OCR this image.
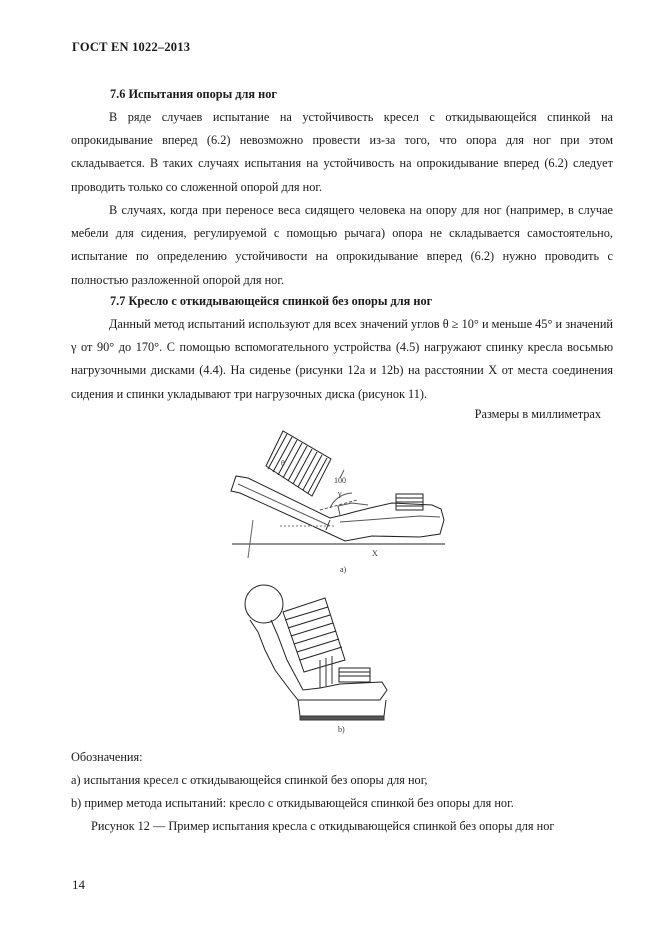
ГОСТ EN 1022–2013
7.6 Испытания опоры для ног

В ряде случаев испытание на устойчивость кресел с откидывающейся спинкой на опрокидывание вперед (6.2) невозможно провести из-за того, что опора для ног при этом складывается. В таких случаях испытания на устойчивость на опрокидывание вперед (6.2) следует проводить только со сложенной опорой для ног.

В случаях, когда при переносе веса сидящего человека на опору для ног (например, в случае мебели для сидения, регулируемой с помощью рычага) опора не складывается самостоятельно, испытание по определению устойчивости на опрокидывание вперед (6.2) нужно проводить с полностью разложенной опорой для ног.

7.7 Кресло с откидывающейся спинкой без опоры для ног

Данный метод испытаний используют для всех значений углов θ ≥ 10° и меньше 45° и значений γ от 90° до 170°. С помощью вспомогательного устройства (4.5) нагружают спинку кресла восьмью нагрузочными дисками (4.4). На сиденье (рисунки 12a и 12b) на расстоянии X от места соединения сидения и спинки укладывают три нагрузочных диска (рисунок 11).

Размеры в миллиметрах
θ
100
γ
X
a)
b)
Обозначения:
a) испытания кресел с откидывающейся спинкой без опоры для ног,
b) пример метода испытаний: кресло с откидывающейся спинкой без опоры для ног.
Рисунок 12 — Пример испытания кресла с откидывающейся спинкой без опоры для ног
14
